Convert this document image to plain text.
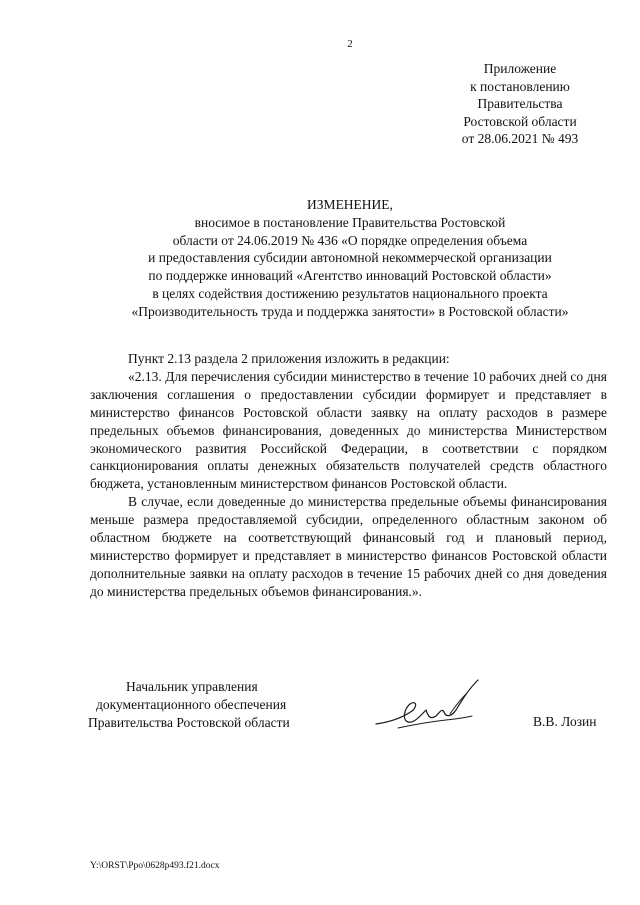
2
Приложение
к постановлению
Правительства
Ростовской области
от 28.06.2021 № 493
ИЗМЕНЕНИЕ,
вносимое в постановление Правительства Ростовской
области от 24.06.2019 № 436 «О порядке определения объема
и предоставления субсидии автономной некоммерческой организации
по поддержке инноваций «Агентство инноваций Ростовской области»
в целях содействия достижению результатов национального проекта
«Производительность труда и поддержка занятости» в Ростовской области»

Пункт 2.13 раздела 2 приложения изложить в редакции:

«2.13. Для перечисления субсидии министерство в течение 10 рабочих дней со дня заключения соглашения о предоставлении субсидии формирует и представляет в министерство финансов Ростовской области заявку на оплату расходов в размере предельных объемов финансирования, доведенных до министерства Министерством экономического развития Российской Федерации, в соответствии с порядком санкционирования оплаты денежных обязательств получателей средств областного бюджета, установленным министерством финансов Ростовской области.

В случае, если доведенные до министерства предельные объемы финансирования меньше размера предоставляемой субсидии, определенного областным законом об областном бюджете на соответствующий финансовый год и плановый период, министерство формирует и представляет в министерство финансов Ростовской области дополнительные заявки на оплату расходов в течение 15 рабочих дней со дня доведения до министерства предельных объемов финансирования.».

Начальник управления
документационного обеспечения
Правительства Ростовской области	В.В. Лозин
Y:\ORST\Ppo\0628p493.f21.docx
